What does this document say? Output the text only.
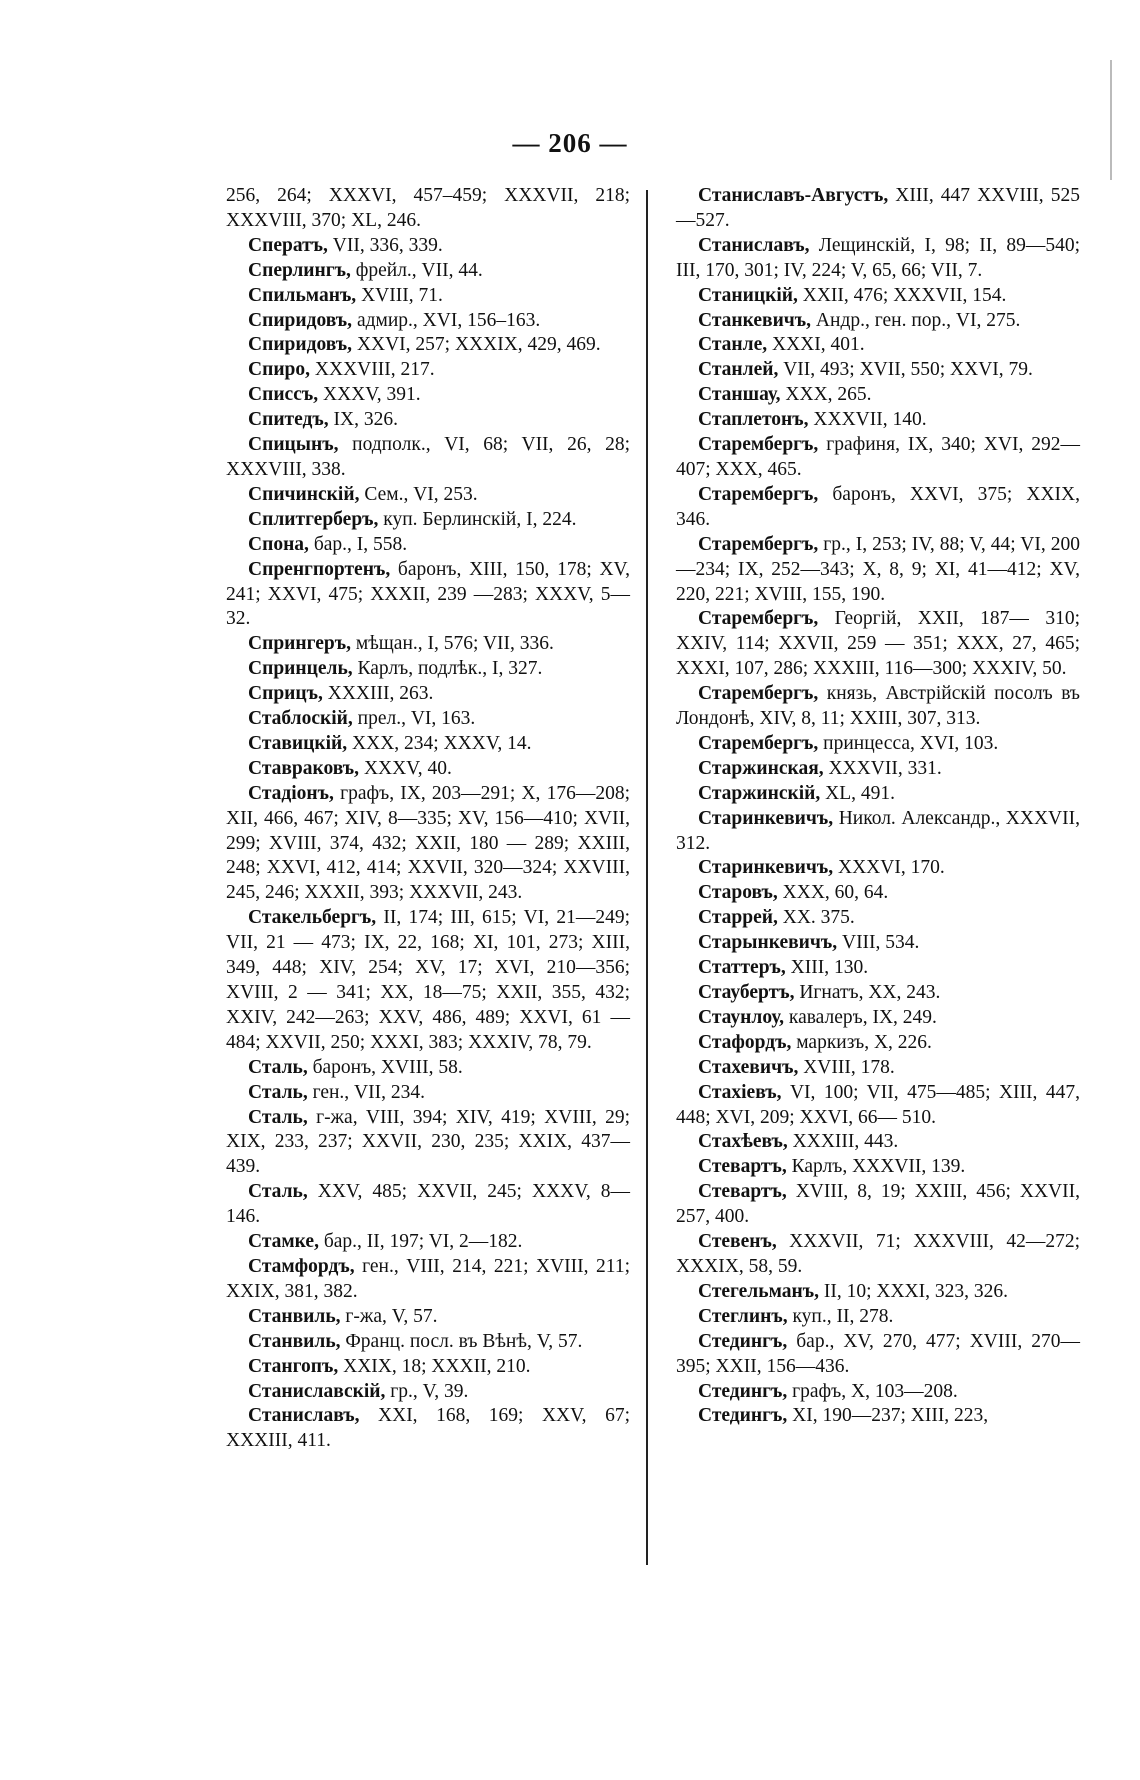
— 206 —

256, 264; XXXVI, 457–459; XXXVII, 218; XXXVIII, 370; XL, 246.

Сператъ, VII, 336, 339.

Сперлингъ, фрейл., VII, 44.

Спильманъ, XVIII, 71.

Спиридовъ, адмир., XVI, 156–163.

Спиридовъ, XXVI, 257; XXXIX, 429, 469.

Спиро, XXXVIII, 217.

Списсъ, XXXV, 391.

Спитедъ, IX, 326.

Спицынъ, подполк., VI, 68; VII, 26, 28; XXXVIII, 338.

Спичинскій, Сем., VI, 253.

Сплитгерберъ, куп. Берлинскій, I, 224.

Спона, бар., I, 558.

Спренгпортенъ, баронъ, XIII, 150, 178; XV, 241; XXVI, 475; XXXII, 239 —283; XXXV, 5—32.

Спрингеръ, мѣщан., I, 576; VII, 336.

Спринцель, Карлъ, подлѣк., I, 327.

Сприцъ, XXXIII, 263.

Стаблоскій, прел., VI, 163.

Ставицкій, XXX, 234; XXXV, 14.

Ставраковъ, XXXV, 40.

Стадіонъ, графъ, IX, 203—291; X, 176—208; XII, 466, 467; XIV, 8—335; XV, 156—410; XVII, 299; XVIII, 374, 432; XXII, 180 — 289; XXIII, 248; XXVI, 412, 414; XXVII, 320—324; XXVIII, 245, 246; XXXII, 393; XXXVII, 243.

Стакельбергъ, II, 174; III, 615; VI, 21—249; VII, 21 — 473; IX, 22, 168; XI, 101, 273; XIII, 349, 448; XIV, 254; XV, 17; XVI, 210—356; XVIII, 2 — 341; XX, 18—75; XXII, 355, 432; XXIV, 242—263; XXV, 486, 489; XXVI, 61 — 484; XXVII, 250; XXXI, 383; XXXIV, 78, 79.

Сталь, баронъ, XVIII, 58.

Сталь, ген., VII, 234.

Сталь, г-жа, VIII, 394; XIV, 419; XVIII, 29; XIX, 233, 237; XXVII, 230, 235; XXIX, 437—439.

Сталь, XXV, 485; XXVII, 245; XXXV, 8—146.

Стамке, бар., II, 197; VI, 2—182.

Стамфордъ, ген., VIII, 214, 221; XVIII, 211; XXIX, 381, 382.

Станвиль, г-жа, V, 57.

Станвиль, Франц. посл. въ Вѣнѣ, V, 57.

Стангопъ, XXIX, 18; XXXII, 210.

Станиславскій, гр., V, 39.

Станиславъ, XXI, 168, 169; XXV, 67; XXXIII, 411.

Станиславъ-Августъ, XIII, 447 XXVIII, 525—527.

Станиславъ, Лещинскій, I, 98; II, 89—540; III, 170, 301; IV, 224; V, 65, 66; VII, 7.

Станицкій, XXII, 476; XXXVII, 154.

Станкевичъ, Андр., ген. пор., VI, 275.

Станле, XXXI, 401.

Станлей, VII, 493; XVII, 550; XXVI, 79.

Станшау, XXX, 265.

Стаплетонъ, XXXVII, 140.

Старембергъ, графиня, IX, 340; XVI, 292—407; XXX, 465.

Старембергъ, баронъ, XXVI, 375; XXIX, 346.

Старембергъ, гр., I, 253; IV, 88; V, 44; VI, 200—234; IX, 252—343; X, 8, 9; XI, 41—412; XV, 220, 221; XVIII, 155, 190.

Старембергъ, Георгій, XXII, 187— 310; XXIV, 114; XXVII, 259 — 351; XXX, 27, 465; XXXI, 107, 286; XXXIII, 116—300; XXXIV, 50.

Старембергъ, князь, Австрійскій посолъ въ Лондонѣ, XIV, 8, 11; XXIII, 307, 313.

Старембергъ, принцесса, XVI, 103.

Старжинская, XXXVII, 331.

Старжинскій, XL, 491.

Старинкевичъ, Никол. Александр., XXXVII, 312.

Старинкевичъ, XXXVI, 170.

Старовъ, XXX, 60, 64.

Старрей, XX. 375.

Старынкевичъ, VIII, 534.

Статтеръ, XIII, 130.

Стаубертъ, Игнатъ, XX, 243.

Стаунлоу, кавалеръ, IX, 249.

Стафордъ, маркизъ, X, 226.

Стахевичъ, XVIII, 178.

Стахіевъ, VI, 100; VII, 475—485; XIII, 447, 448; XVI, 209; XXVI, 66— 510.

Стахѣевъ, XXXIII, 443.

Стевартъ, Карлъ, XXXVII, 139.

Стевартъ, XVIII, 8, 19; XXIII, 456; XXVII, 257, 400.

Стевенъ, XXXVII, 71; XXXVIII, 42—272; XXXIX, 58, 59.

Стегельманъ, II, 10; XXXI, 323, 326.

Стеглинъ, куп., II, 278.

Стедингъ, бар., XV, 270, 477; XVIII, 270—395; XXII, 156—436.

Стедингъ, графъ, X, 103—208.

Стедингъ, XI, 190—237; XIII, 223,
